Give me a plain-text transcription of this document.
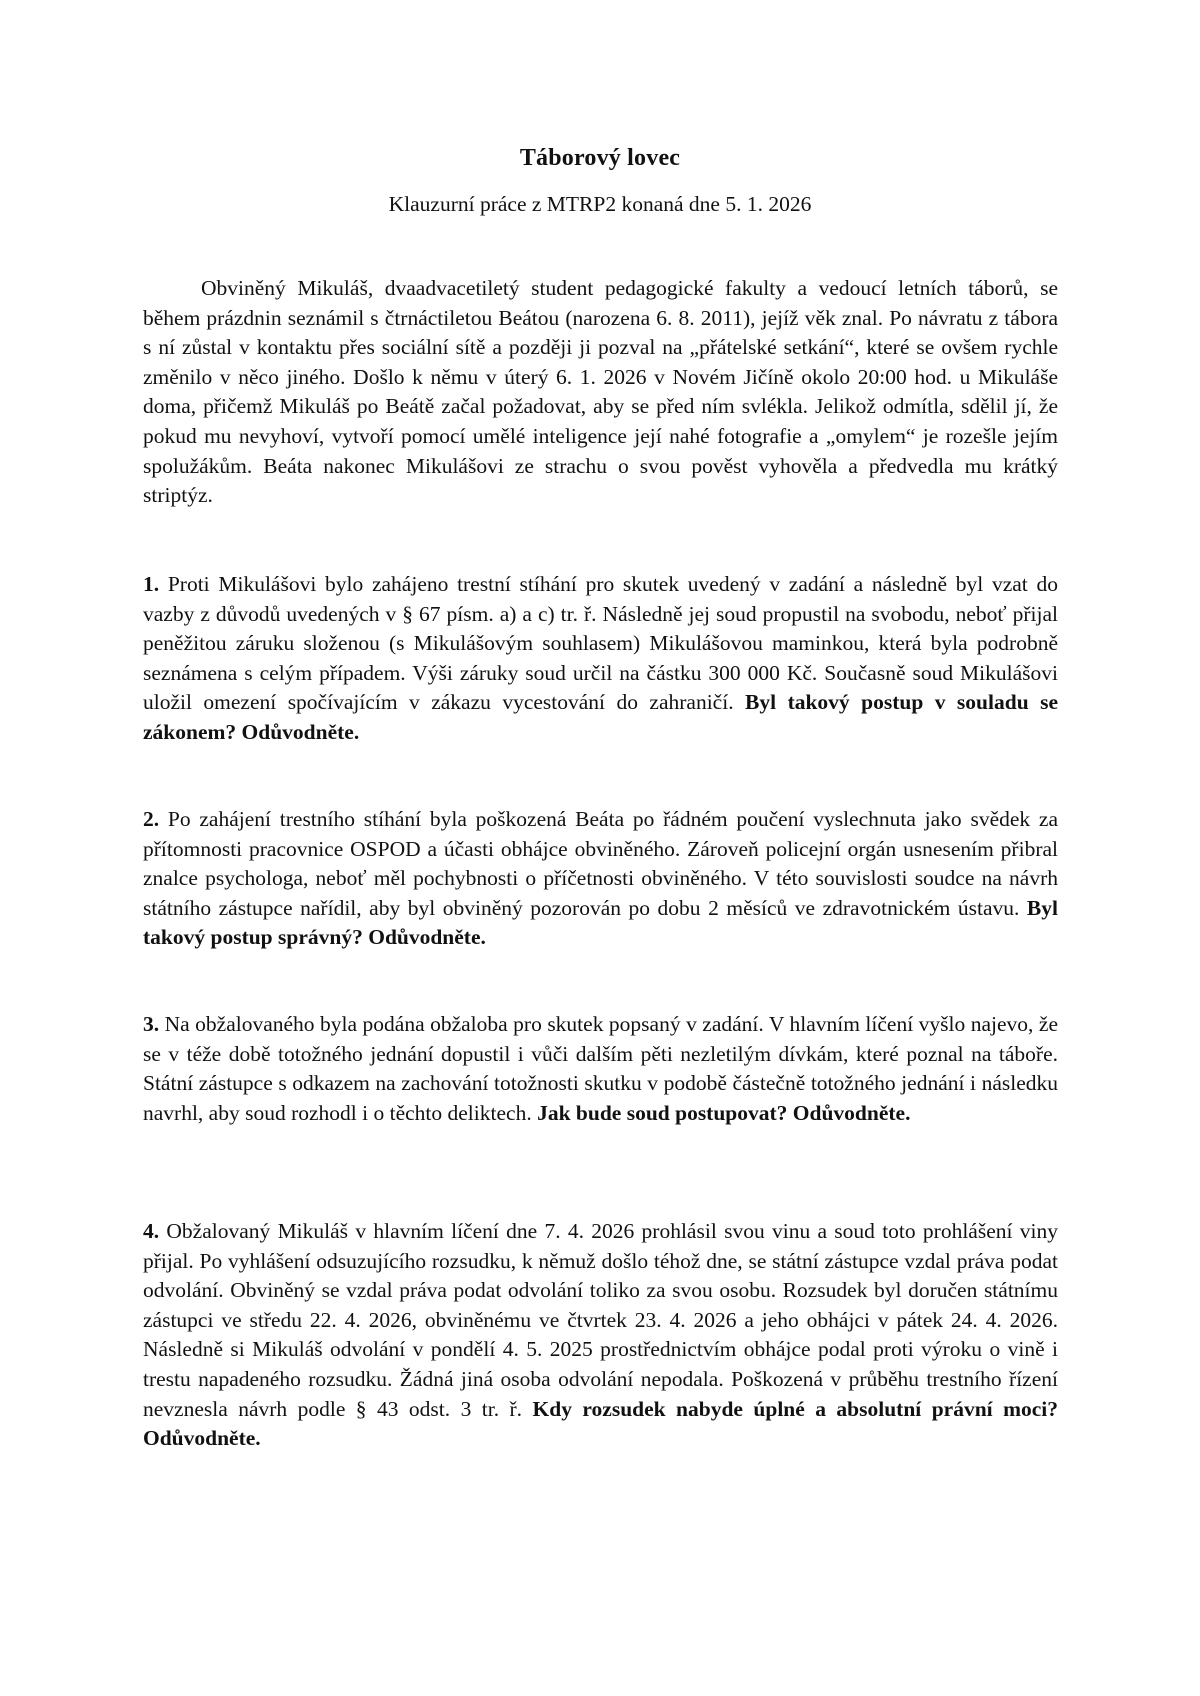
Táborový lovec
Klauzurní práce z MTRP2 konaná dne 5. 1. 2026

Obviněný Mikuláš, dvaadvacetiletý student pedagogické fakulty a vedoucí letních táborů, se během prázdnin seznámil s čtrnáctiletou Beátou (narozena 6. 8. 2011), jejíž věk znal. Po návratu z tábora s ní zůstal v kontaktu přes sociální sítě a později ji pozval na „přátelské setkání“, které se ovšem rychle změnilo v něco jiného. Došlo k němu v úterý 6. 1. 2026 v Novém Jičíně okolo 20:00 hod. u Mikuláše doma, přičemž Mikuláš po Beátě začal požadovat, aby se před ním svlékla. Jelikož odmítla, sdělil jí, že pokud mu nevyhoví, vytvoří pomocí umělé inteligence její nahé fotografie a „omylem“ je rozešle jejím spolužákům. Beáta nakonec Mikulášovi ze strachu o svou pověst vyhověla a předvedla mu krátký striptýz.

1. Proti Mikulášovi bylo zahájeno trestní stíhání pro skutek uvedený v zadání a následně byl vzat do vazby z důvodů uvedených v § 67 písm. a) a c) tr. ř. Následně jej soud propustil na svobodu, neboť přijal peněžitou záruku složenou (s Mikulášovým souhlasem) Mikulášovou maminkou, která byla podrobně seznámena s celým případem. Výši záruky soud určil na částku 300 000 Kč. Současně soud Mikulášovi uložil omezení spočívajícím v zákazu vycestování do zahraničí. Byl takový postup v souladu se zákonem? Odůvodněte.

2. Po zahájení trestního stíhání byla poškozená Beáta po řádném poučení vyslechnuta jako svědek za přítomnosti pracovnice OSPOD a účasti obhájce obviněného. Zároveň policejní orgán usnesením přibral znalce psychologa, neboť měl pochybnosti o příčetnosti obviněného. V této souvislosti soudce na návrh státního zástupce nařídil, aby byl obviněný pozorován po dobu 2 měsíců ve zdravotnickém ústavu. Byl takový postup správný? Odůvodněte.

3. Na obžalovaného byla podána obžaloba pro skutek popsaný v zadání. V hlavním líčení vyšlo najevo, že se v téže době totožného jednání dopustil i vůči dalším pěti nezletilým dívkám, které poznal na táboře. Státní zástupce s odkazem na zachování totožnosti skutku v podobě částečně totožného jednání i následku navrhl, aby soud rozhodl i o těchto deliktech. Jak bude soud postupovat? Odůvodněte.

4. Obžalovaný Mikuláš v hlavním líčení dne 7. 4. 2026 prohlásil svou vinu a soud toto prohlášení viny přijal. Po vyhlášení odsuzujícího rozsudku, k němuž došlo téhož dne, se státní zástupce vzdal práva podat odvolání. Obviněný se vzdal práva podat odvolání toliko za svou osobu. Rozsudek byl doručen státnímu zástupci ve středu 22. 4. 2026, obviněnému ve čtvrtek 23. 4. 2026 a jeho obhájci v pátek 24. 4. 2026. Následně si Mikuláš odvolání v pondělí 4. 5. 2025 prostřednictvím obhájce podal proti výroku o vině i trestu napadeného rozsudku. Žádná jiná osoba odvolání nepodala. Poškozená v průběhu trestního řízení nevznesla návrh podle § 43 odst. 3 tr. ř. Kdy rozsudek nabyde úplné a absolutní právní moci? Odůvodněte.
